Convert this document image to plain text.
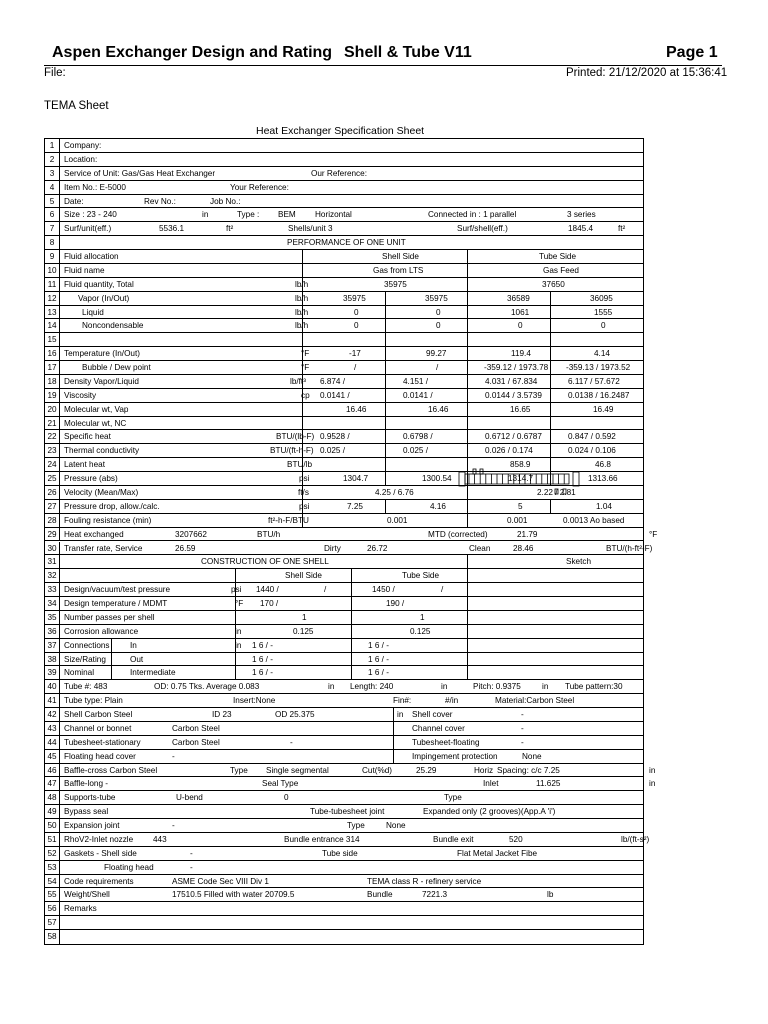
Aspen Exchanger Design and Rating Shell & Tube V11	Page 1
File:	Printed: 21/12/2020 at 15:36:41
TEMA Sheet
Heat Exchanger Specification Sheet
1	Company:
2	Location:
3	Service of Unit: Gas/Gas Heat Exchanger	Our Reference:
4	Item No.: E-5000	Your Reference:
5	Date:	Rev No.:	Job No.:
6	Size : 23 - 240	in	Type : BEM Horizontal	Connected in : 1 parallel	3 series
7	Surf/unit(eff.)	5536.1	ft²	Shells/unit 3	Surf/shell(eff.)	1845.4	ft²
8	PERFORMANCE OF ONE UNIT
9	Fluid allocation	Shell Side	Tube Side
10 Fluid name	Gas from LTS	Gas Feed
11 Fluid quantity, Total	lb/h	35975	37650
12	Vapor (In/Out)	lb/h	35975	35975	36589	36095
13	Liquid	lb/h	0	0	1061	1555
14	Noncondensable	lb/h	0	0	0	0
15
16 Temperature (In/Out)	°F	-17	99.27	119.4	4.14
17	Bubble / Dew point	°F	/	/	-359.12 / 1973.78 -359.13 / 1973.52
18 Density Vapor/Liquid	lb/ft³ 6.874 /	4.151 /	4.031 / 67.834	6.117 / 57.672
19 Viscosity	cp 0.0141 /	0.0141 /	0.0144 / 3.5739	0.0138 / 16.2487
20 Molecular wt, Vap	16.46	16.46	16.65	16.49
21 Molecular wt, NC
22 Specific heat	BTU/(lb-F) 0.9528 /	0.6798 /	0.6712 / 0.6787	0.847 / 0.592
23 Thermal conductivity	BTU/(ft-h-F) 0.025 /	0.025 /	0.026 / 0.174	0.024 / 0.106
24 Latent heat	BTU/lb	858.9	46.8
25 Pressure (abs)	psi	1304.7	1300.54	1314.7	1313.66
26 Velocity (Mean/Max)	ft/s	4.25 / 6.76	2.22 / 2.81
27 Pressure drop, allow./calc.	psi	7.25	4.16	5	1.04
28 Fouling resistance (min)	ft²-h-F/BTU	0.001	0.001	0.0013 Ao based
29 Heat exchanged	3207662	BTU/h	MTD (corrected)	21.79	°F
30 Transfer rate, Service	26.59	Dirty	26.72	Clean	28.46	BTU/(h-ft²-F)
31	CONSTRUCTION OF ONE SHELL	Sketch
32	Shell Side	Tube Side
33 Design/vacuum/test pressure	psi 1440 /	/	1450 /	/
34 Design temperature / MDMT	°F 170 /	190 /
35 Number passes per shell	1	1
36 Corrosion allowance	in	0.125	0.125
37 Connections In	in 1 6 / -	1 6 / -
38 Size/Rating	Out	1 6 / -	1 6 / -
39 Nominal	Intermediate	1 6 / -	1 6 / -
40 Tube #: 483	OD: 0.75 Tks. Average 0.083	in Length: 240	in	Pitch: 0.9375	in Tube pattern:30
41 Tube type: Plain	Insert:None	Fin#:	#/in	Material:Carbon Steel
42 Shell Carbon Steel	ID 23	OD 25.375	in Shell cover	-
43 Channel or bonnet	Carbon Steel	Channel cover	-
44 Tubesheet-stationary	Carbon Steel	-	Tubesheet-floating	-
45 Floating head cover	-	Impingement protection	None
46 Baffle-cross Carbon Steel	Type Single segmental	Cut(%d)	25.29	Horiz Spacing: c/c 7.25	in
47 Baffle-long -	Seal Type	Inlet	11.625	in
48 Supports-tube	U-bend	0	Type
49 Bypass seal	Tube-tubesheet joint	Expanded only (2 grooves)(App.A 'i')
50 Expansion joint	-	Type	None
51 RhoV2-Inlet nozzle 443	Bundle entrance 314	Bundle exit	520	lb/(ft-s²)
52 Gaskets - Shell side	-	Tube side	Flat Metal Jacket Fibe
53	Floating head	-
54 Code requirements	ASME Code Sec VIII Div 1	TEMA class R - refinery service
55 Weight/Shell	17510.5 Filled with water 20709.5	Bundle	7221.3	lb
56 Remarks
57
58
